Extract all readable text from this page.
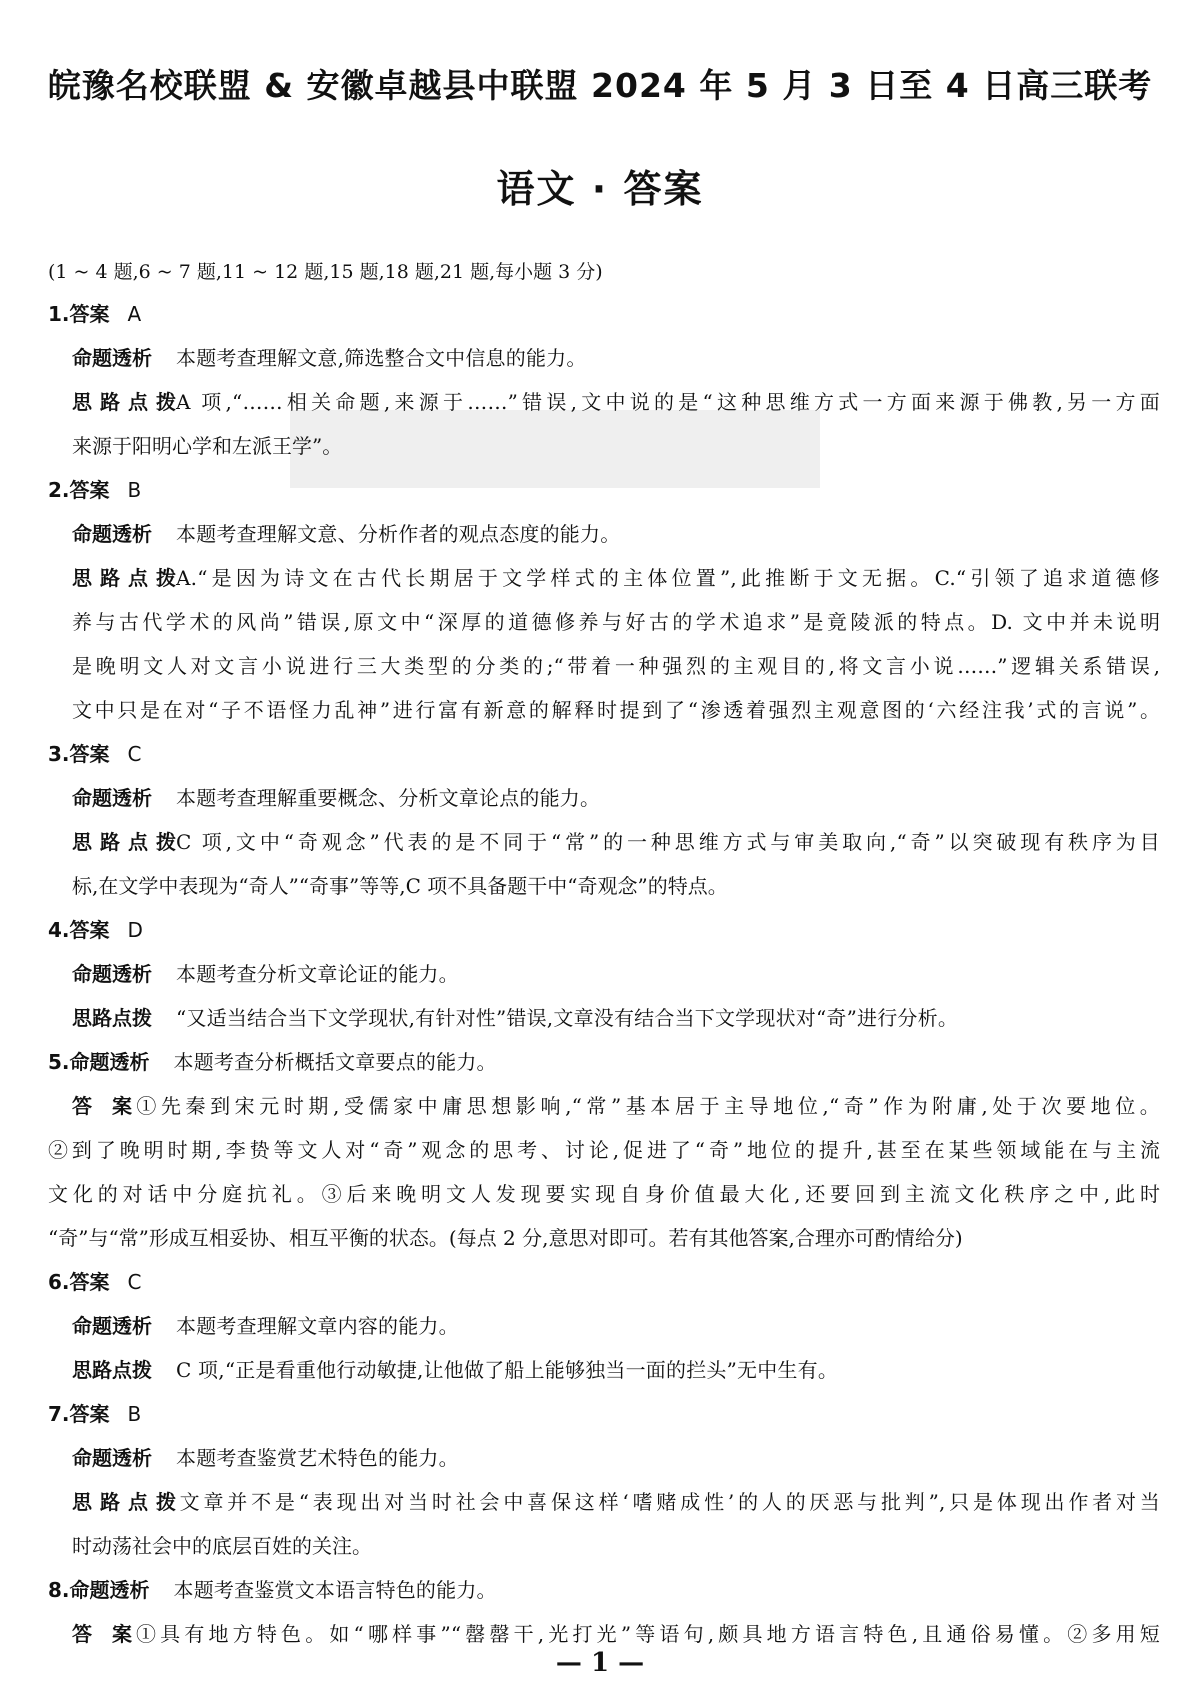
皖豫名校联盟 & 安徽卓越县中联盟 2024 年 5 月 3 日至 4 日高三联考
语文 · 答案
(1 ~ 4 题,6 ~ 7 题,11 ~ 12 题,15 题,18 题,21 题,每小题 3 分)
1.答案 A
命题透析 本题考查理解文意,筛选整合文中信息的能力。
思路点拨A 项,“……相关命题,来源于……”错误,文中说的是“这种思维方式一方面来源于佛教,另一方面
来源于阳明心学和左派王学”。
2.答案 B
命题透析 本题考查理解文意、分析作者的观点态度的能力。
思路点拨A.“是因为诗文在古代长期居于文学样式的主体位置”,此推断于文无据。C.“引领了追求道德修
养与古代学术的风尚”错误,原文中“深厚的道德修养与好古的学术追求”是竟陵派的特点。D. 文中并未说明
是晚明文人对文言小说进行三大类型的分类的;“带着一种强烈的主观目的,将文言小说……”逻辑关系错误,
文中只是在对“子不语怪力乱神”进行富有新意的解释时提到了“渗透着强烈主观意图的‘六经注我’式的言说”。
3.答案 C
命题透析 本题考查理解重要概念、分析文章论点的能力。
思路点拨C 项,文中“奇观念”代表的是不同于“常”的一种思维方式与审美取向,“奇”以突破现有秩序为目
标,在文学中表现为“奇人”“奇事”等等,C 项不具备题干中“奇观念”的特点。
4.答案 D
命题透析 本题考查分析文章论证的能力。
思路点拨 “又适当结合当下文学现状,有针对性”错误,文章没有结合当下文学现状对“奇”进行分析。
5.命题透析 本题考查分析概括文章要点的能力。
答案①先秦到宋元时期,受儒家中庸思想影响,“常”基本居于主导地位,“奇”作为附庸,处于次要地位。
②到了晚明时期,李贽等文人对“奇”观念的思考、讨论,促进了“奇”地位的提升,甚至在某些领域能在与主流
文化的对话中分庭抗礼。③后来晚明文人发现要实现自身价值最大化,还要回到主流文化秩序之中,此时
“奇”与“常”形成互相妥协、相互平衡的状态。(每点 2 分,意思对即可。若有其他答案,合理亦可酌情给分)
6.答案 C
命题透析 本题考查理解文章内容的能力。
思路点拨 C 项,“正是看重他行动敏捷,让他做了船上能够独当一面的拦头”无中生有。
7.答案 B
命题透析 本题考查鉴赏艺术特色的能力。
思路点拨文章并不是“表现出对当时社会中喜保这样‘嗜赌成性’的人的厌恶与批判”,只是体现出作者对当
时动荡社会中的底层百姓的关注。
8.命题透析 本题考查鉴赏文本语言特色的能力。
答案①具有地方特色。如“哪样事”“罄罄干,光打光”等语句,颇具地方语言特色,且通俗易懂。②多用短
— 1 —
